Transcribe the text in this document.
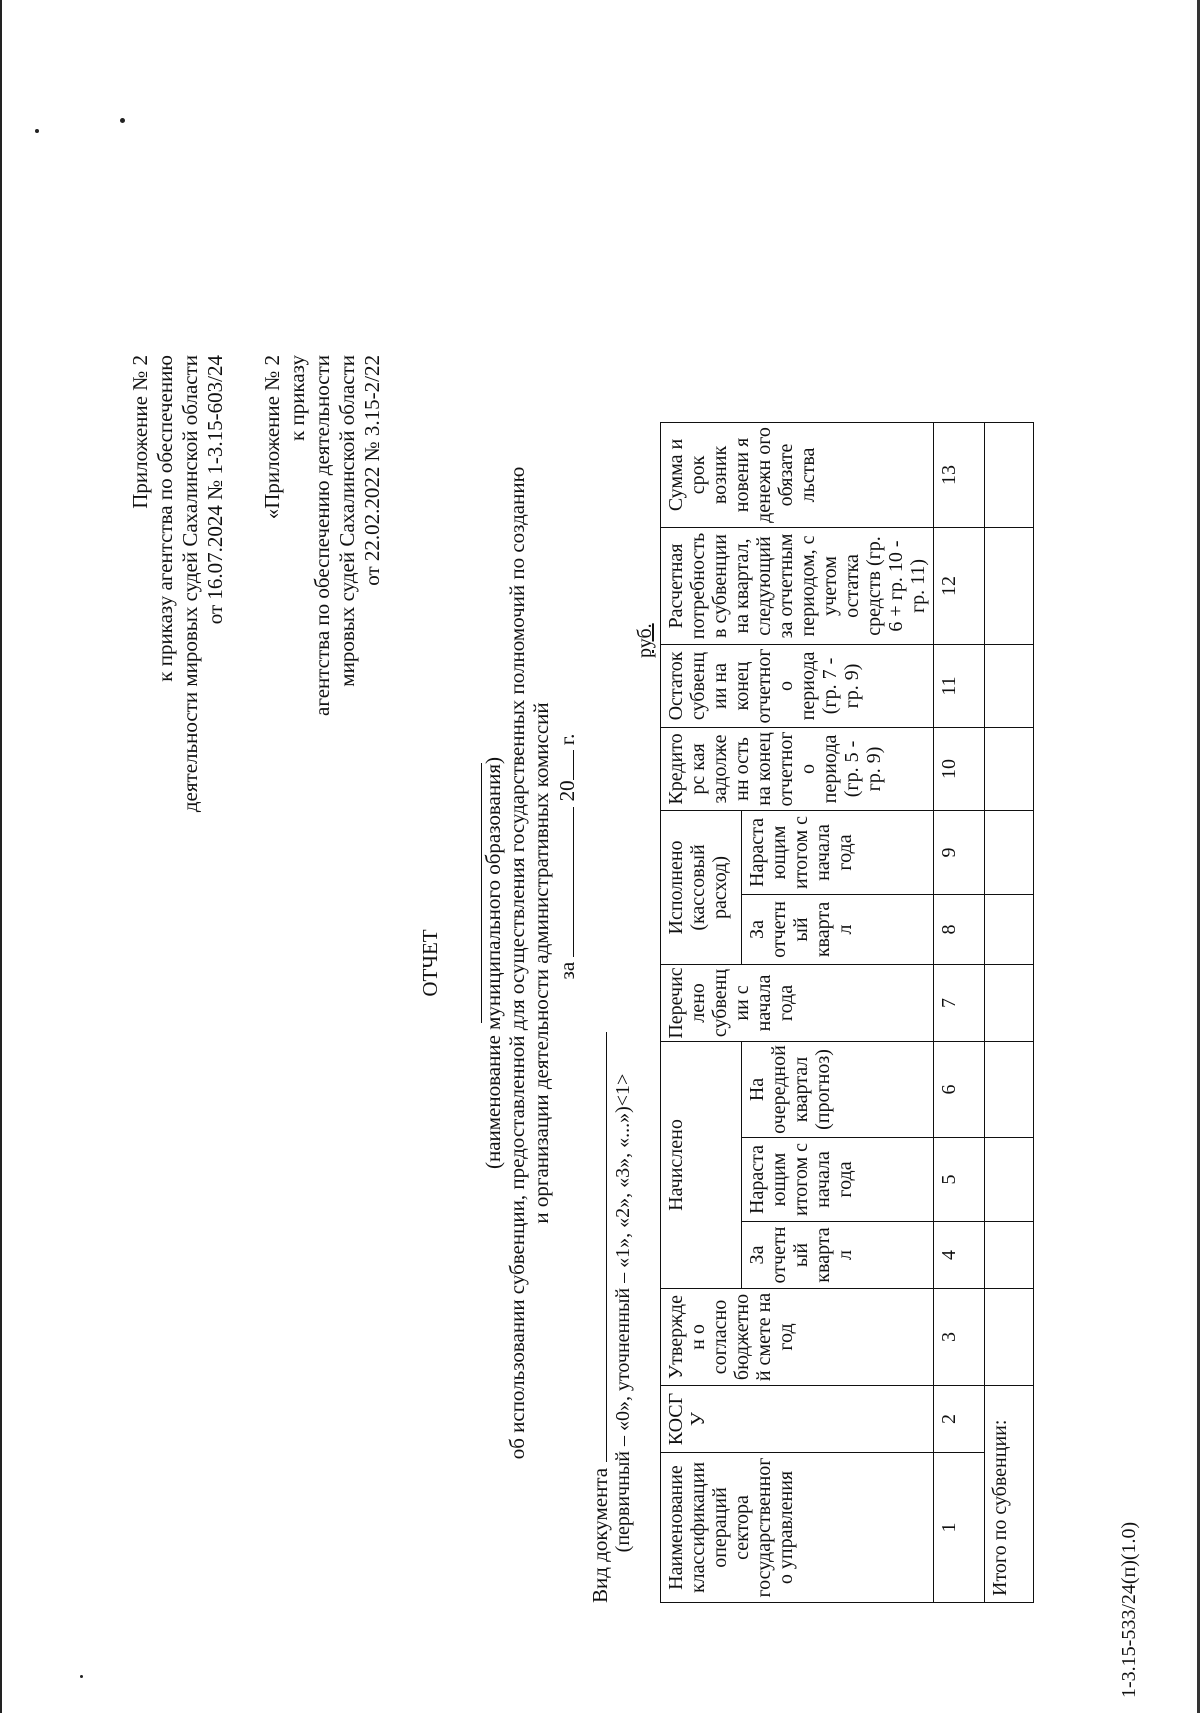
Приложение № 2 к приказу агентства по обеспечению деятельности мировых судей Сахалинской области от 16.07.2024 № 1-3.15-603/24 «Приложение № 2 к приказу агентства по обеспечению деятельности мировых судей Сахалинской области от 22.02.2022 № 3.15-2/22
ОТЧЕТ (наименование муниципального образования) об использовании субвенции, предоставленной для осуществления государственных полномочий по созданию и организации деятельности административных комиссий за  20 г.
Вид документа (первичный – «0», уточненный – «1», «2», «3», «...»)<1>
руб.
Наименование классификации операций сектора государственного управления	КОСГУ	Утвержден о согласно бюджетной смете на год	Начислено			Перечис лено субвенц ии с начала года	Исполнено (кассовый расход)		Кредиторс кая задолженн ость на конец отчетного периода (гр. 5 - гр. 9)	Остаток субвенции на конец отчетного периода (гр. 7 - гр. 9)	Расчетная потребность в субвенции на квартал, следующий за отчетным периодом, с учетом остатка средств (гр. 6 + гр. 10 - гр. 11)	Сумма и срок возник новени я денежн ого обязате льства
			За отчетн ый квартал	Нараста ющим итогом с начала года	На очередной квартал (прогноз)		За отчетн ый квартал	Нараста ющим итогом с начала года				
1	2	3	4	5	6	7	8	9	10	11	12	13
Итого по субвенции:												
1-3.15-533/24(п)(1.0)
